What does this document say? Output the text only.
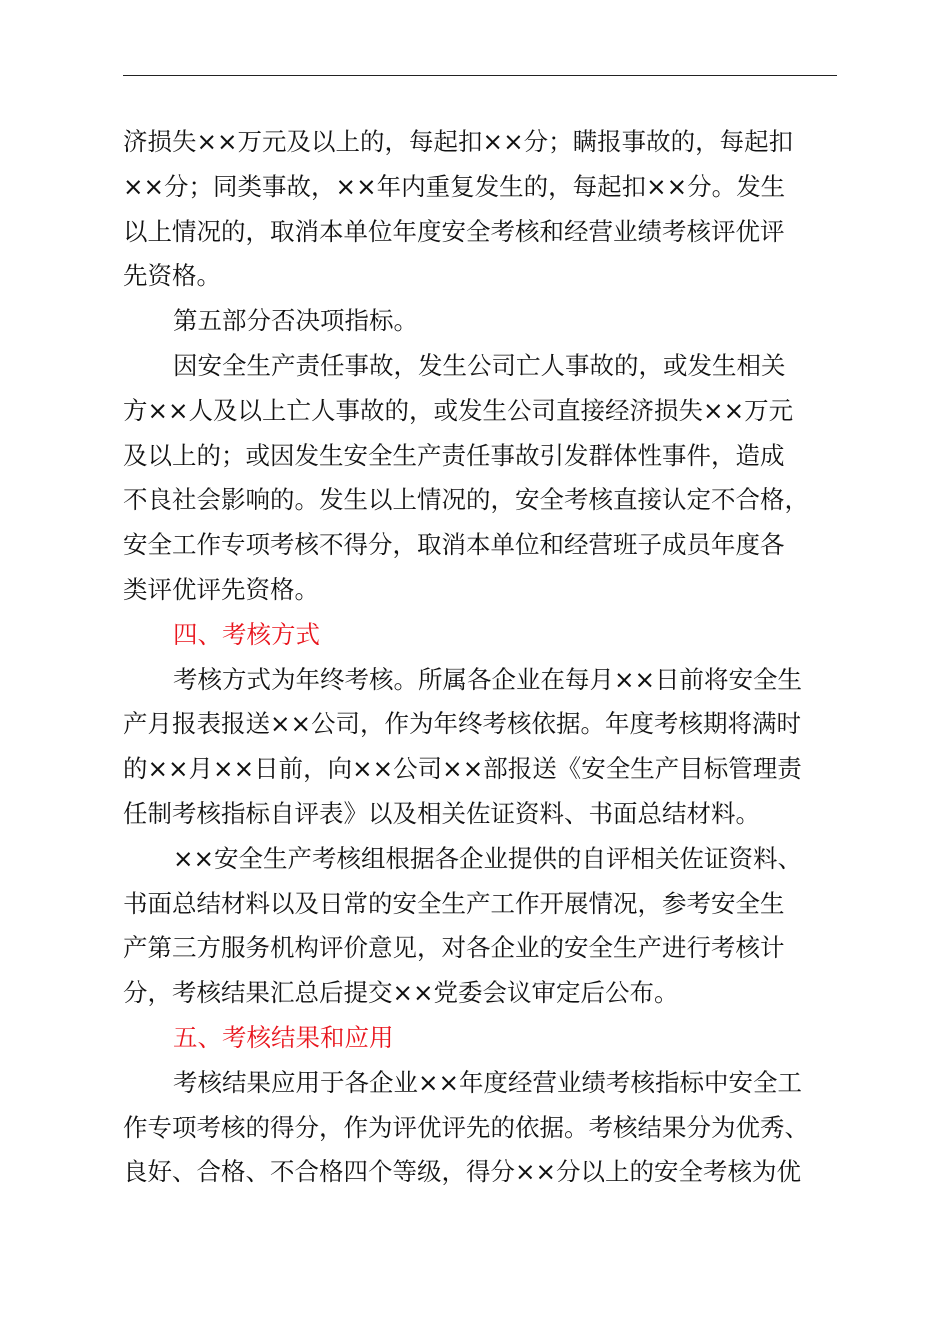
济损失××万元及以上的，每起扣××分；瞒报事故的，每起扣
××分；同类事故，××年内重复发生的，每起扣××分。发生
以上情况的，取消本单位年度安全考核和经营业绩考核评优评
先资格。
第五部分否决项指标。
因安全生产责任事故，发生公司亡人事故的，或发生相关
方××人及以上亡人事故的，或发生公司直接经济损失××万元
及以上的；或因发生安全生产责任事故引发群体性事件，造成
不良社会影响的。发生以上情况的，安全考核直接认定不合格，
安全工作专项考核不得分，取消本单位和经营班子成员年度各
类评优评先资格。
四、考核方式
考核方式为年终考核。所属各企业在每月××日前将安全生
产月报表报送××公司，作为年终考核依据。年度考核期将满时
的××月××日前，向××公司××部报送《安全生产目标管理责
任制考核指标自评表》以及相关佐证资料、书面总结材料。
××安全生产考核组根据各企业提供的自评相关佐证资料、
书面总结材料以及日常的安全生产工作开展情况，参考安全生
产第三方服务机构评价意见，对各企业的安全生产进行考核计
分，考核结果汇总后提交××党委会议审定后公布。
五、考核结果和应用
考核结果应用于各企业××年度经营业绩考核指标中安全工
作专项考核的得分，作为评优评先的依据。考核结果分为优秀、
良好、合格、不合格四个等级，得分××分以上的安全考核为优
